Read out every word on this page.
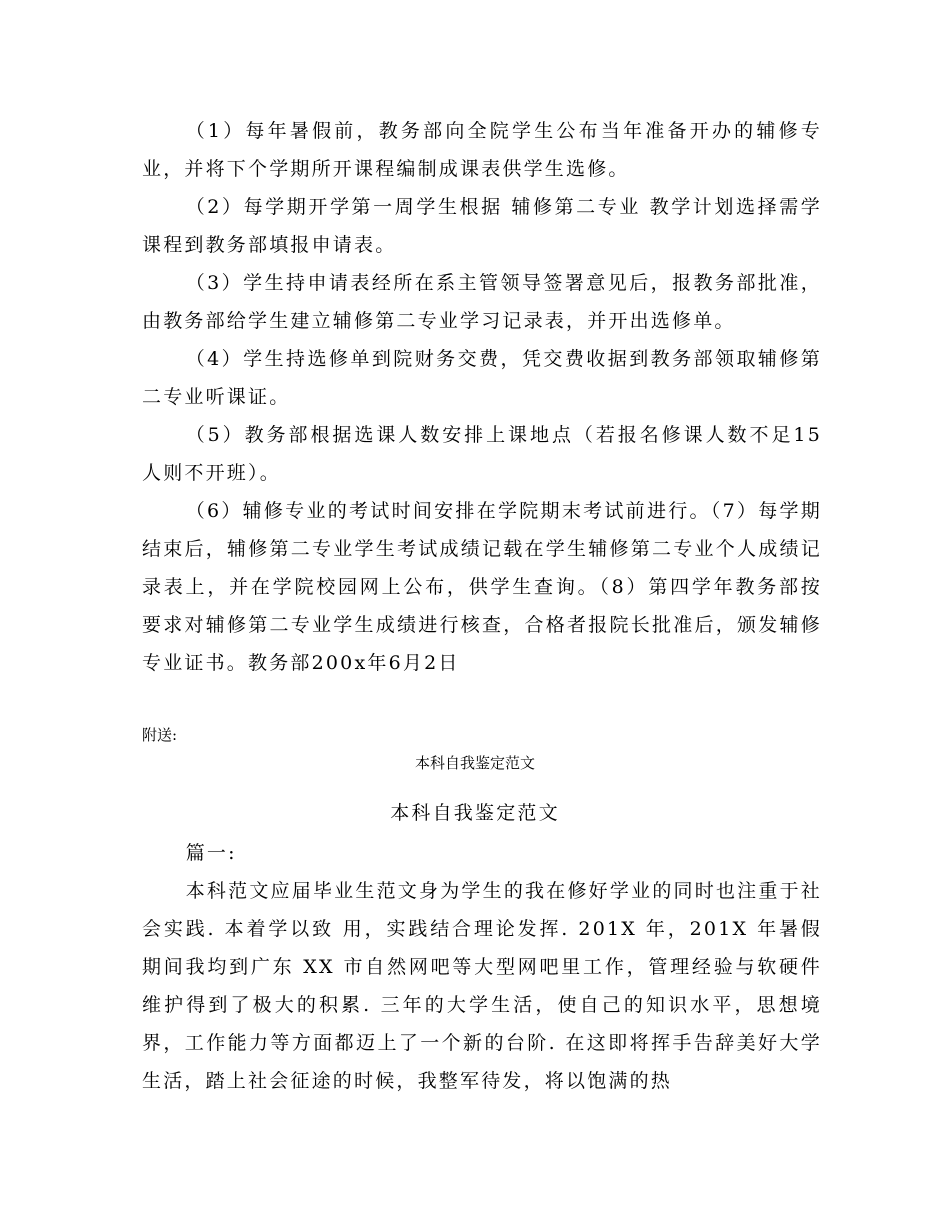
（1）每年暑假前，教务部向全院学生公布当年准备开办的辅修专业，并将下个学期所开课程编制成课表供学生选修。

（2）每学期开学第一周学生根据 辅修第二专业 教学计划选择需学课程到教务部填报申请表。

（3）学生持申请表经所在系主管领导签署意见后，报教务部批准，由教务部给学生建立辅修第二专业学习记录表，并开出选修单。

（4）学生持选修单到院财务交费，凭交费收据到教务部领取辅修第二专业听课证。

（5）教务部根据选课人数安排上课地点（若报名修课人数不足15人则不开班）。

（6）辅修专业的考试时间安排在学院期末考试前进行。（7）每学期结束后，辅修第二专业学生考试成绩记载在学生辅修第二专业个人成绩记录表上，并在学院校园网上公布，供学生查询。（8）第四学年教务部按要求对辅修第二专业学生成绩进行核查，合格者报院长批准后，颁发辅修专业证书。教务部200x年6月2日

附送:

本科自我鉴定范文

本科自我鉴定范文

篇一:

本科范文应届毕业生范文身为学生的我在修好学业的同时也注重于社会实践. 本着学以致 用，实践结合理论发挥. 201X 年，201X 年暑假期间我均到广东 XX 市自然网吧等大型网吧里工作，管理经验与软硬件维护得到了极大的积累. 三年的大学生活，使自己的知识水平，思想境界，工作能力等方面都迈上了一个新的台阶. 在这即将挥手告辞美好大学生活，踏上社会征途的时候，我整军待发，将以饱满的热
